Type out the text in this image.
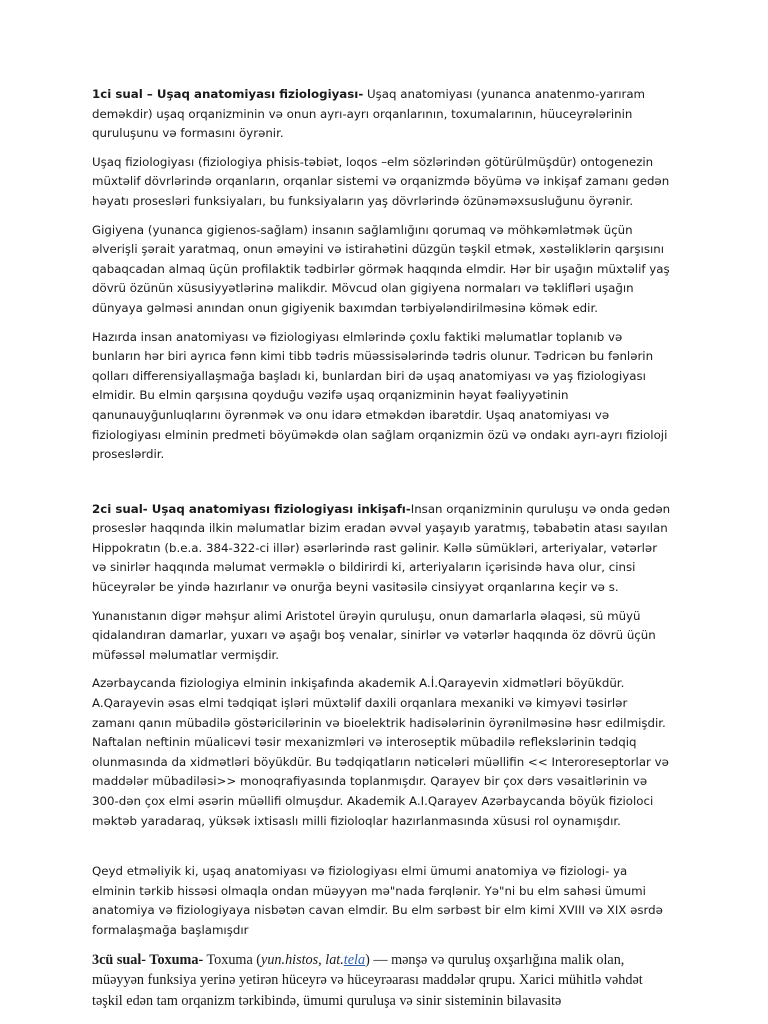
1ci sual – Uşaq anatomiyası fiziologiyası- Uşaq anatomiyası (yunanca anatenmo-yarıram deməkdir) uşaq orqanizminin və onun ayrı-ayrı orqanlarının, toxumalarının, hüuceyrələrinin quruluşunu və formasını öyrənir.

Uşaq fiziologiyası (fiziologiya phisis-təbiət, loqos –elm sözlərindən götürülmüşdür) ontogenezin müxtəlif dövrlərində orqanların, orqanlar sistemi və orqanizmdə böyümə və inkişaf zamanı gedən həyatı prosesləri funksiyaları, bu funksiyaların yaş dövrlərində özünəməxsusluğunu öyrənir.

Gigiyena (yunanca gigienos-sağlam) insanın sağlamlığını qorumaq və möhkəmlətmək üçün əlverişli şərait yaratmaq, onun əməyini və istirahətini düzgün təşkil etmək, xəstəliklərin qarşısını qabaqcadan almaq üçün profilaktik tədbirlər görmək haqqında elmdir. Hər bir uşağın müxtəlif yaş dövrü özünün xüsusiyyətlərinə malikdir. Mövcud olan gigiyena normaları və təklifləri uşağın dünyaya gəlməsi anından onun gigiyenik baxımdan tərbiyələndirilməsinə kömək edir.

Hazırda insan anatomiyası və fiziologiyası elmlərində çoxlu faktiki məlumatlar toplanıb və bunların hər biri ayrıca fənn kimi tibb tədris müəssisələrində tədris olunur. Tədricən bu fənlərin qolları differensiyallaşmağa başladı ki, bunlardan biri də uşaq anatomiyası və yaş fiziologiyası elmidir. Bu elmin qarşısına qoyduğu vəzifə uşaq orqanizminin həyat fəaliyyətinin qanunauyğunluqlarını öyrənmək və onu idarə etməkdən ibarətdir. Uşaq anatomiyası və fiziologiyası elminin predmeti böyüməkdə olan sağlam orqanizmin özü və ondakı ayrı-ayrı fizioloji proseslərdir.

2ci sual- Uşaq anatomiyası fiziologiyası inkişafı-Insan orqanizminin quruluşu və onda gedən proseslər haqqında ilkin məlumatlar bizim eradan əvvəl yaşayıb yaratmış, təbabətin atası sayılan Hippokratın (b.e.a. 384-322-ci illər) əsərlərində rast gəlinir. Kəllə sümükləri, arteriyalar, vətərlər və sinirlər haqqında məlumat verməklə o bildirirdi ki, arteriyaların içərisində hava olur, cinsi hüceyrələr be yində hazırlanır və onurğa beyni vasitəsilə cinsiyyət orqanlarına keçir və s.

Yunanıstanın digər məhşur alimi Aristotel ürəyin quruluşu, onun damarlarla əlaqəsi, sü müyü qidalandıran damarlar, yuxarı və aşağı boş venalar, sinirlər və vətərlər haqqında öz dövrü üçün müfəssəl məlumatlar vermişdir.

Azərbaycanda fiziologiya elminin inkişafında akademik A.İ.Qarayevin xidmətləri böyükdür. A.Qarayevin əsas elmi tədqiqat işləri müxtəlif daxili orqanlara mexaniki və kimyəvi təsirlər zamanı qanın mübadilə göstəricilərinin və bioelektrik hadisələrinin öyrənilməsinə həsr edilmişdir. Naftalan neftinin müalicəvi təsir mexanizmləri və interoseptik mübadilə reflekslərinin tədqiq olunmasında da xidmətləri böyükdür. Bu tədqiqatların nəticələri müəllifin << Interoreseptorlar və maddələr mübadiləsi>> monoqrafiyasında toplanmışdır. Qarayev bir çox dərs vəsaitlərinin və 300-dən çox elmi əsərin müəllifi olmuşdur. Akademik A.I.Qarayev Azərbaycanda böyük fizioloci məktəb yaradaraq, yüksək ixtisaslı milli fizioloqlar hazırlanmasında xüsusi rol oynamışdır.

Qeyd etməliyik ki, uşaq anatomiyası və fiziologiyası elmi ümumi anatomiya və fiziologi- ya elminin tərkib hissəsi olmaqla ondan müəyyən mə"nada fərqlənir. Yə"ni bu elm sahəsi ümumi anatomiya və fiziologiyaya nisbətən cavan elmdir. Bu elm sərbəst bir elm kimi XVIII və XIX əsrdə formalaşmağa başlamışdır

3cü sual- Toxuma- Toxuma (yun.histos, lat.tela) — mənşə və quruluş oxşarlığına malik olan, müəyyən funksiya yerinə yetirən hüceyrə və hüceyrəarası maddələr qrupu. Xarici mühitlə vəhdət təşkil edən tam orqanizm tərkibində, ümumi quruluşa və sinir sisteminin bilavasitə
